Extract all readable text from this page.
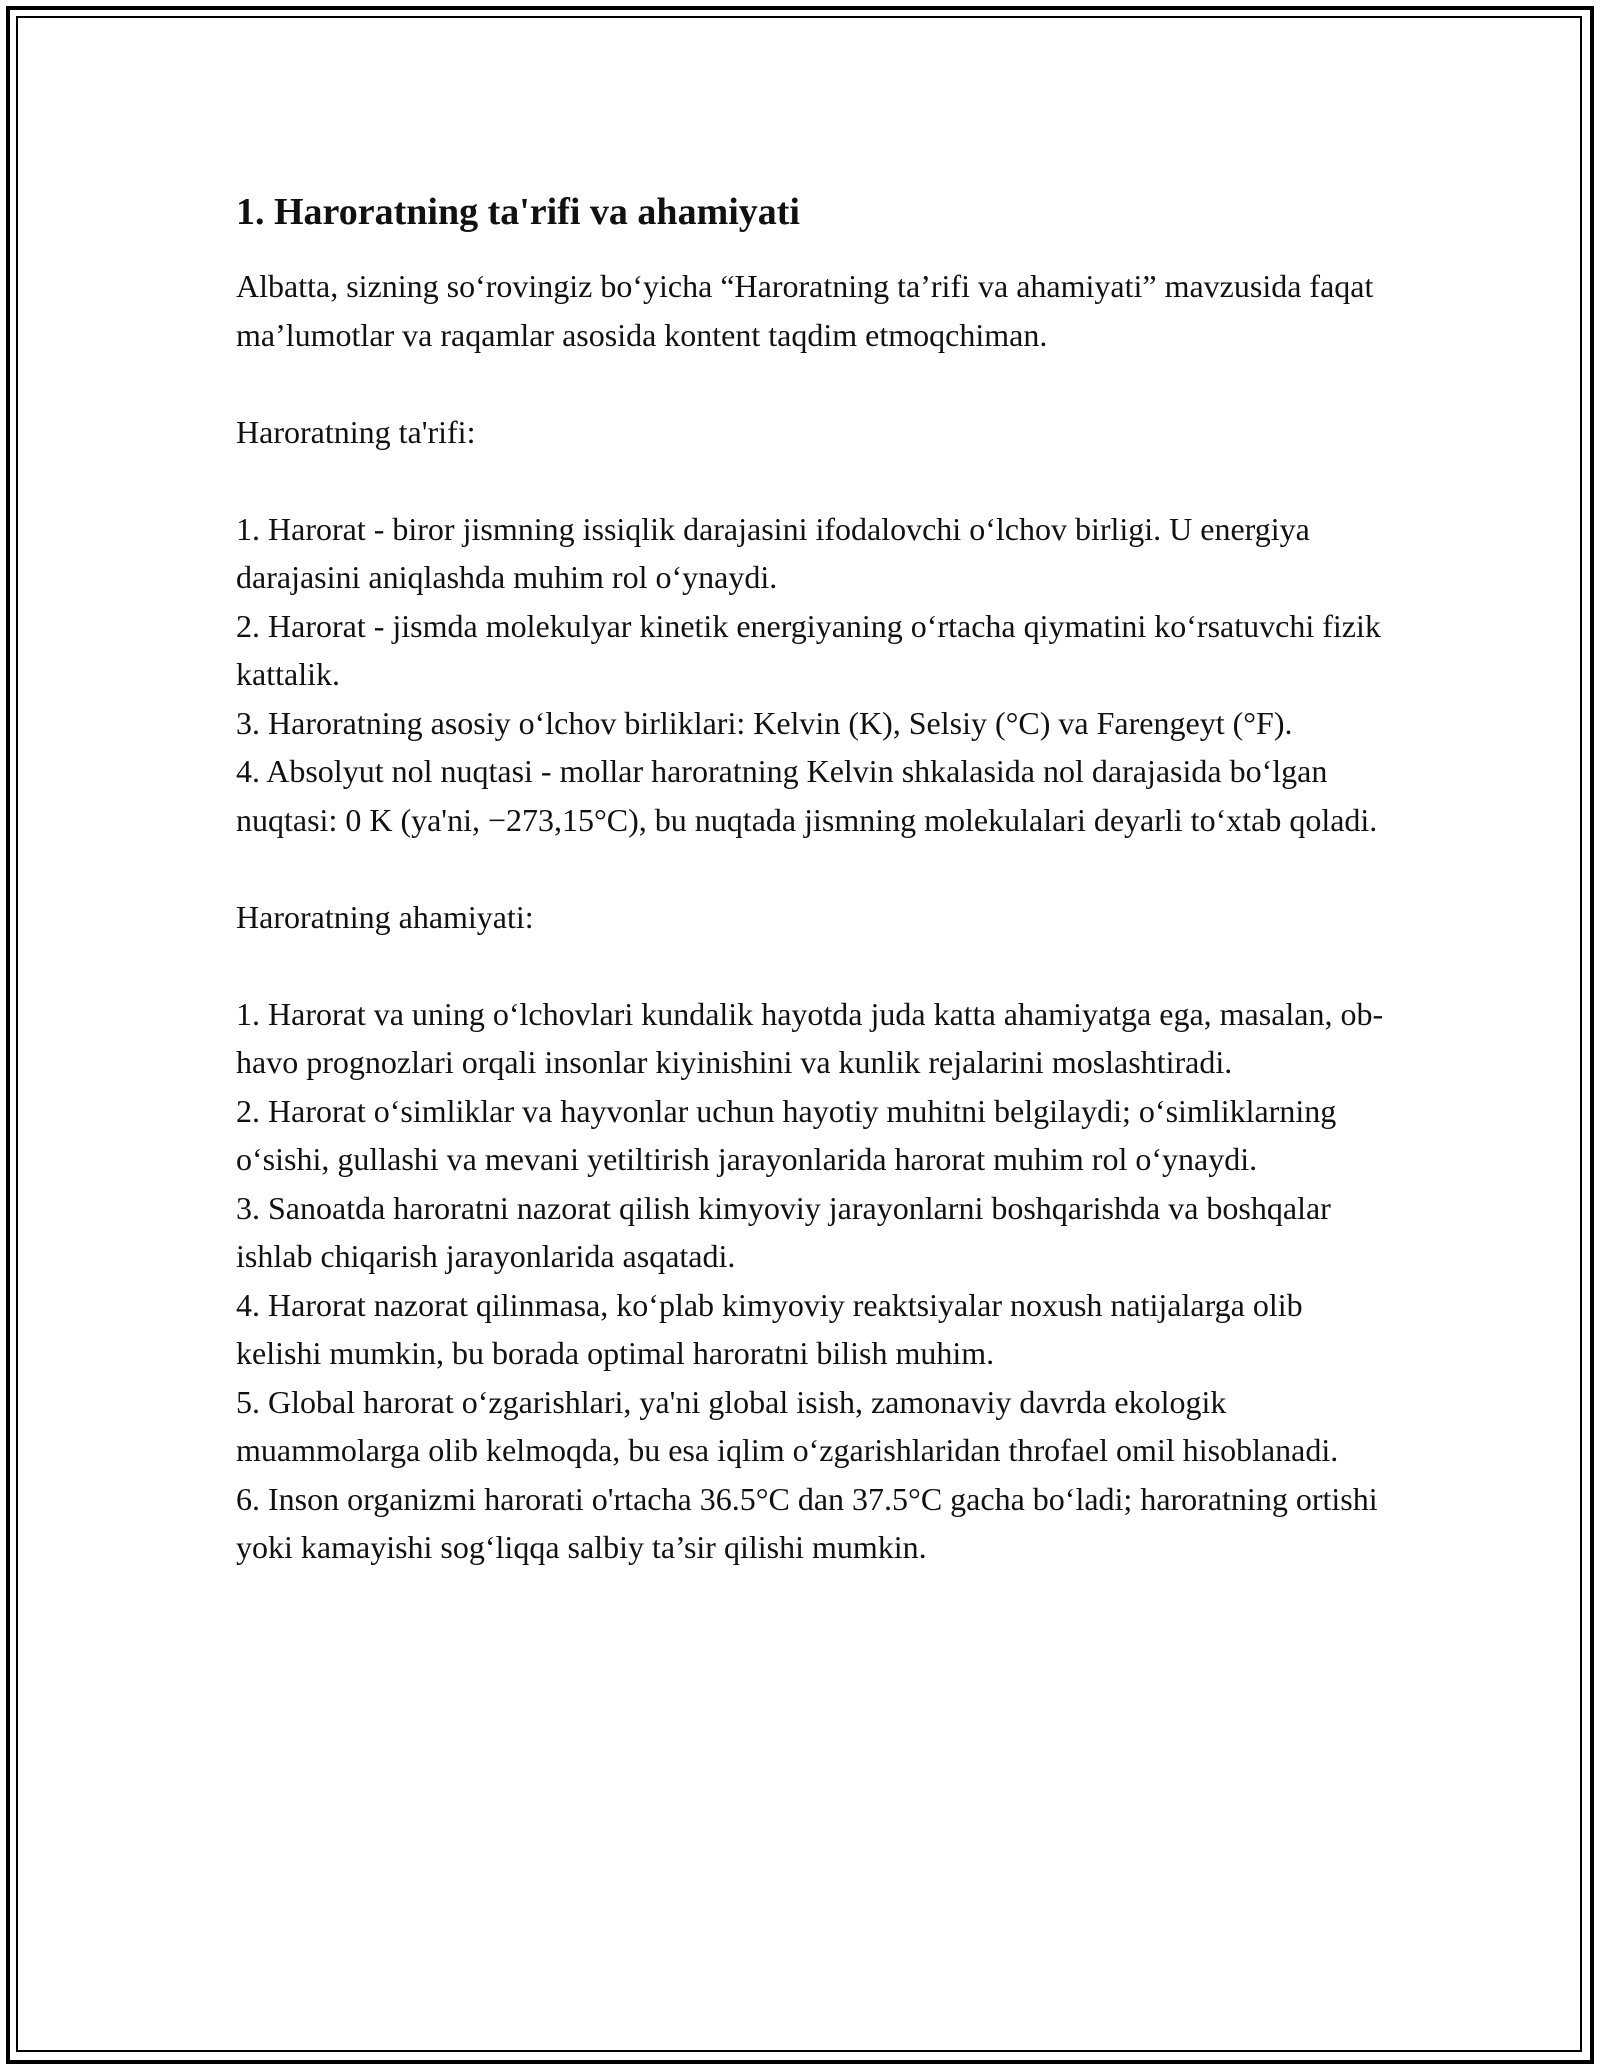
1. Haroratning ta'rifi va ahamiyati

Albatta, sizning so‘rovingiz bo‘yicha “Haroratning ta’rifi va ahamiyati” mavzusida faqat ma’lumotlar va raqamlar asosida kontent taqdim etmoqchiman.

Haroratning ta'rifi:

1. Harorat - biror jismning issiqlik darajasini ifodalovchi o‘lchov birligi. U energiya darajasini aniqlashda muhim rol o‘ynaydi.

2. Harorat - jismda molekulyar kinetik energiyaning o‘rtacha qiymatini ko‘rsatuvchi fizik kattalik.

3. Haroratning asosiy o‘lchov birliklari: Kelvin (K), Selsiy (°C) va Farengeyt (°F).

4. Absolyut nol nuqtasi - mollar haroratning Kelvin shkalasida nol darajasida bo‘lgan nuqtasi: 0 K (ya'ni, −273,15°C), bu nuqtada jismning molekulalari deyarli to‘xtab qoladi.

Haroratning ahamiyati:

1. Harorat va uning o‘lchovlari kundalik hayotda juda katta ahamiyatga ega, masalan, ob-havo prognozlari orqali insonlar kiyinishini va kunlik rejalarini moslashtiradi.

2. Harorat o‘simliklar va hayvonlar uchun hayotiy muhitni belgilaydi; o‘simliklarning o‘sishi, gullashi va mevani yetiltirish jarayonlarida harorat muhim rol o‘ynaydi.

3. Sanoatda haroratni nazorat qilish kimyoviy jarayonlarni boshqarishda va boshqalar ishlab chiqarish jarayonlarida asqatadi.

4. Harorat nazorat qilinmasa, ko‘plab kimyoviy reaktsiyalar noxush natijalarga olib kelishi mumkin, bu borada optimal haroratni bilish muhim.

5. Global harorat o‘zgarishlari, ya'ni global isish, zamonaviy davrda ekologik muammolarga olib kelmoqda, bu esa iqlim o‘zgarishlaridan throfael omil hisoblanadi.

6. Inson organizmi harorati o'rtacha 36.5°C dan 37.5°C gacha bo‘ladi; haroratning ortishi yoki kamayishi sog‘liqqa salbiy ta’sir qilishi mumkin.
